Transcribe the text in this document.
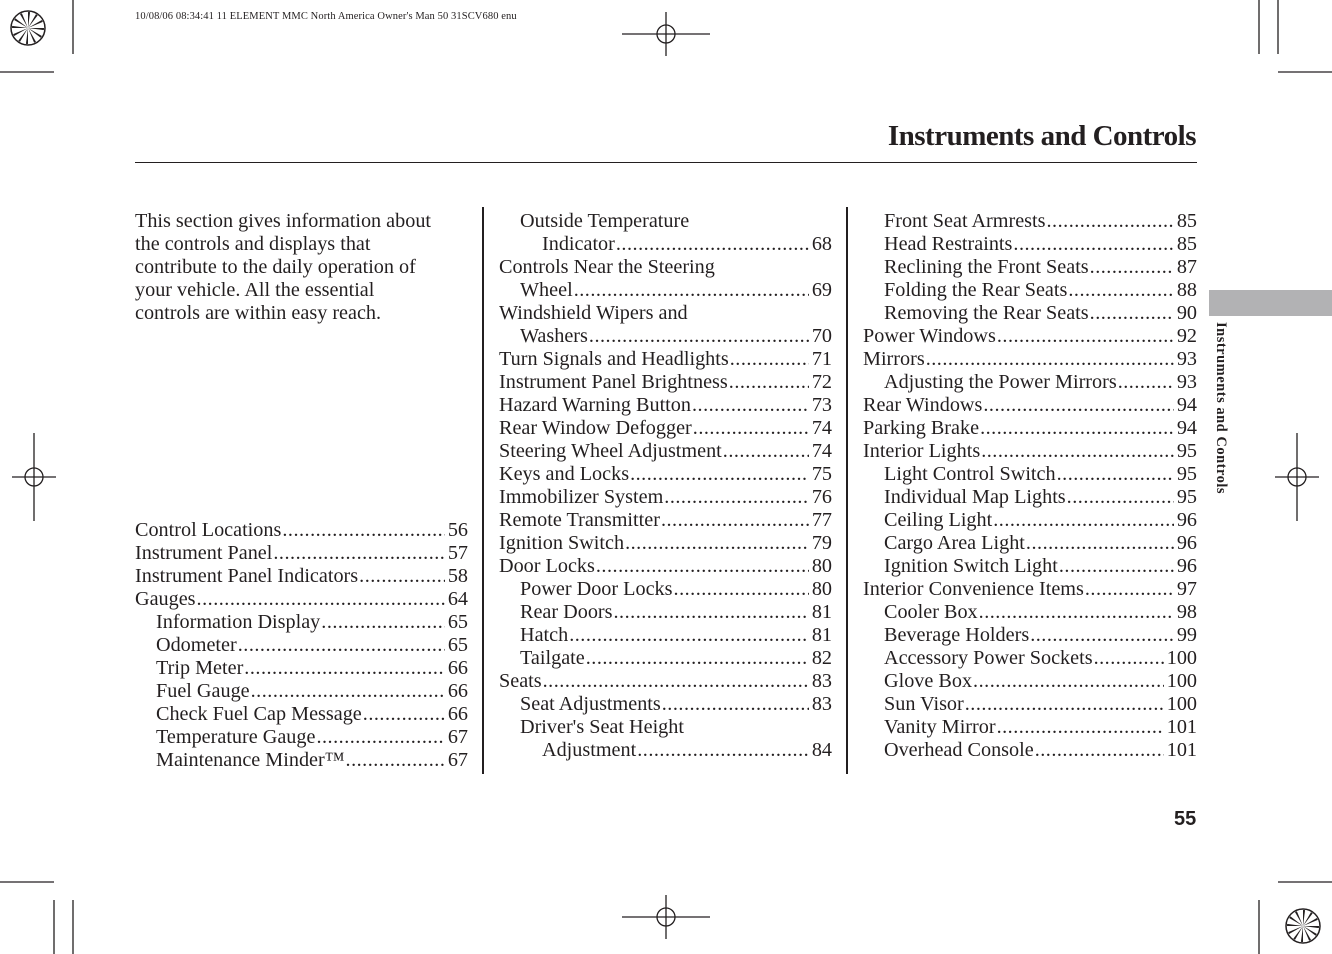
10/08/06 08:34:41 11 ELEMENT MMC North America Owner's Man 50 31SCV680 enu
Instruments and Controls
This section gives information about
the controls and displays that
contribute to the daily operation of
your vehicle. All the essential
controls are within easy reach.
Control Locations .....	56
Instrument Panel .....	57
Instrument Panel Indicators .....	58
Gauges .....	64
Information Display .....	65
Odometer .....	65
Trip Meter .....	66
Fuel Gauge .....	66
Check Fuel Cap Message .....	66
Temperature Gauge .....	67
Maintenance Minder™ .....	67
Outside Temperature
Indicator .....	68
Controls Near the Steering
Wheel .....	69
Windshield Wipers and
Washers .....	70
Turn Signals and Headlights .....	71
Instrument Panel Brightness .....	72
Hazard Warning Button .....	73
Rear Window Defogger .....	74
Steering Wheel Adjustment .....	74
Keys and Locks .....	75
Immobilizer System .....	76
Remote Transmitter .....	77
Ignition Switch .....	79
Door Locks .....	80
Power Door Locks .....	80
Rear Doors .....	81
Hatch .....	81
Tailgate .....	82
Seats .....	83
Seat Adjustments .....	83
Driver's Seat Height
Adjustment .....	84
Front Seat Armrests .....	85
Head Restraints .....	85
Reclining the Front Seats .....	87
Folding the Rear Seats .....	88
Removing the Rear Seats .....	90
Power Windows .....	92
Mirrors .....	93
Adjusting the Power Mirrors .....	93
Rear Windows .....	94
Parking Brake .....	94
Interior Lights .....	95
Light Control Switch .....	95
Individual Map Lights .....	95
Ceiling Light .....	96
Cargo Area Light .....	96
Ignition Switch Light .....	96
Interior Convenience Items .....	97
Cooler Box .....	98
Beverage Holders .....	99
Accessory Power Sockets .....	100
Glove Box .....	100
Sun Visor .....	100
Vanity Mirror .....	101
Overhead Console .....	101
Instruments and Controls
55
